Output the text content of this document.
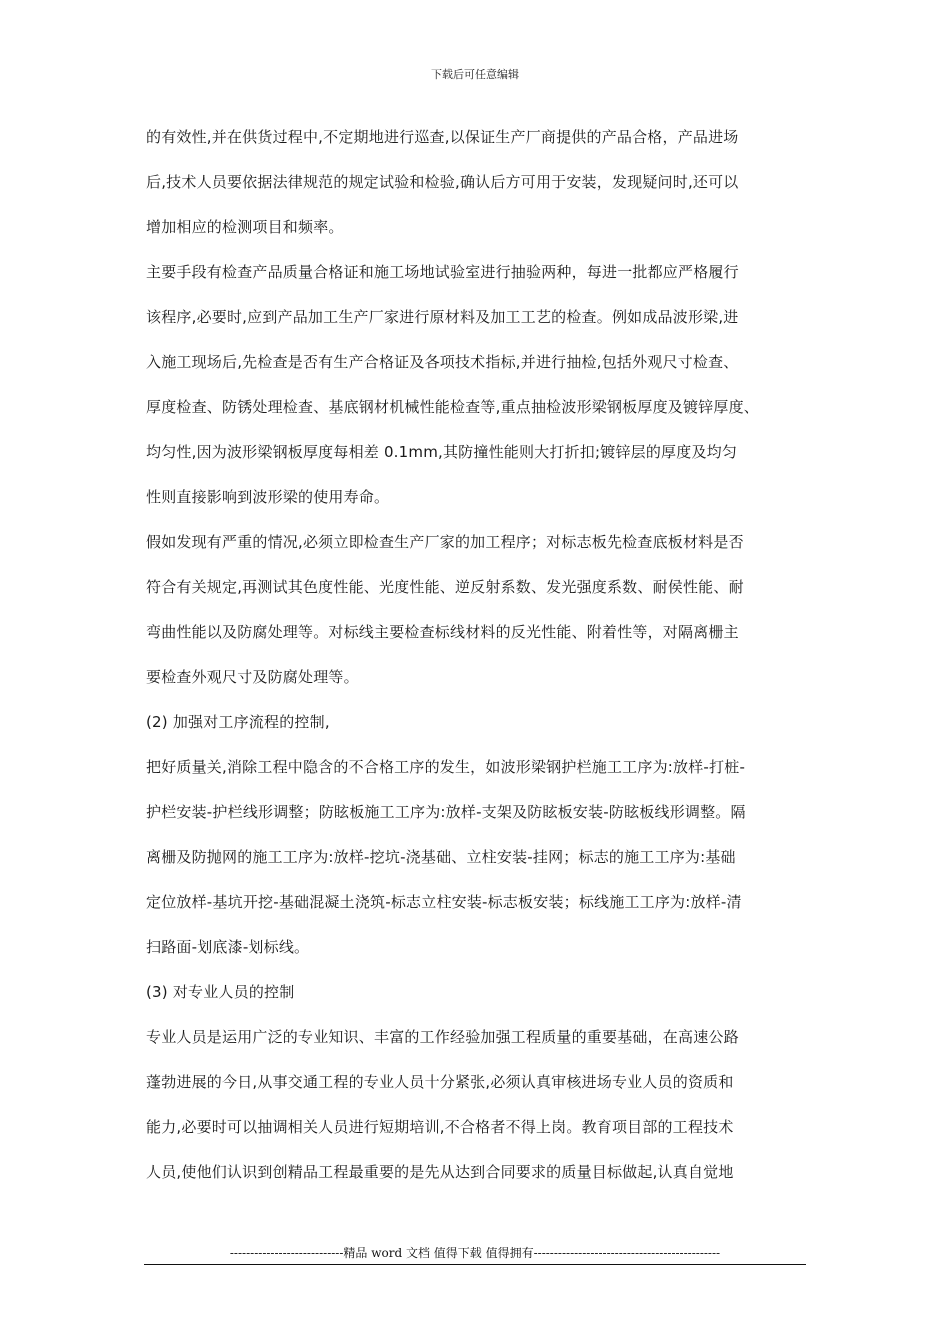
下载后可任意编辑
的有效性,并在供货过程中,不定期地进行巡查,以保证生产厂商提供的产品合格，产品进场
后,技术人员要依据法律规范的规定试验和检验,确认后方可用于安装，发现疑问时,还可以
增加相应的检测项目和频率。
主要手段有检查产品质量合格证和施工场地试验室进行抽验两种，每进一批都应严格履行
该程序,必要时,应到产品加工生产厂家进行原材料及加工工艺的检查。例如成品波形梁,进
入施工现场后,先检查是否有生产合格证及各项技术指标,并进行抽检,包括外观尺寸检查、
厚度检查、防锈处理检查、基底钢材机械性能检查等,重点抽检波形梁钢板厚度及镀锌厚度、
均匀性,因为波形梁钢板厚度每相差 0.1mm,其防撞性能则大打折扣;镀锌层的厚度及均匀
性则直接影响到波形梁的使用寿命。
假如发现有严重的情况,必须立即检查生产厂家的加工程序；对标志板先检查底板材料是否
符合有关规定,再测试其色度性能、光度性能、逆反射系数、发光强度系数、耐侯性能、耐
弯曲性能以及防腐处理等。对标线主要检查标线材料的反光性能、附着性等，对隔离栅主
要检查外观尺寸及防腐处理等。
(2) 加强对工序流程的控制,
把好质量关,消除工程中隐含的不合格工序的发生，如波形梁钢护栏施工工序为:放样-打桩-
护栏安装-护栏线形调整；防眩板施工工序为:放样-支架及防眩板安装-防眩板线形调整。隔
离栅及防抛网的施工工序为:放样-挖坑-浇基础、立柱安装-挂网；标志的施工工序为:基础
定位放样-基坑开挖-基础混凝土浇筑-标志立柱安装-标志板安装；标线施工工序为:放样-清
扫路面-划底漆-划标线。
(3) 对专业人员的控制
专业人员是运用广泛的专业知识、丰富的工作经验加强工程质量的重要基础，在高速公路
蓬勃进展的今日,从事交通工程的专业人员十分紧张,必须认真审核进场专业人员的资质和
能力,必要时可以抽调相关人员进行短期培训,不合格者不得上岗。教育项目部的工程技术
人员,使他们认识到创精品工程最重要的是先从达到合同要求的质量目标做起,认真自觉地
----------------------------精品 word 文档 值得下载 值得拥有----------------------------------------------
